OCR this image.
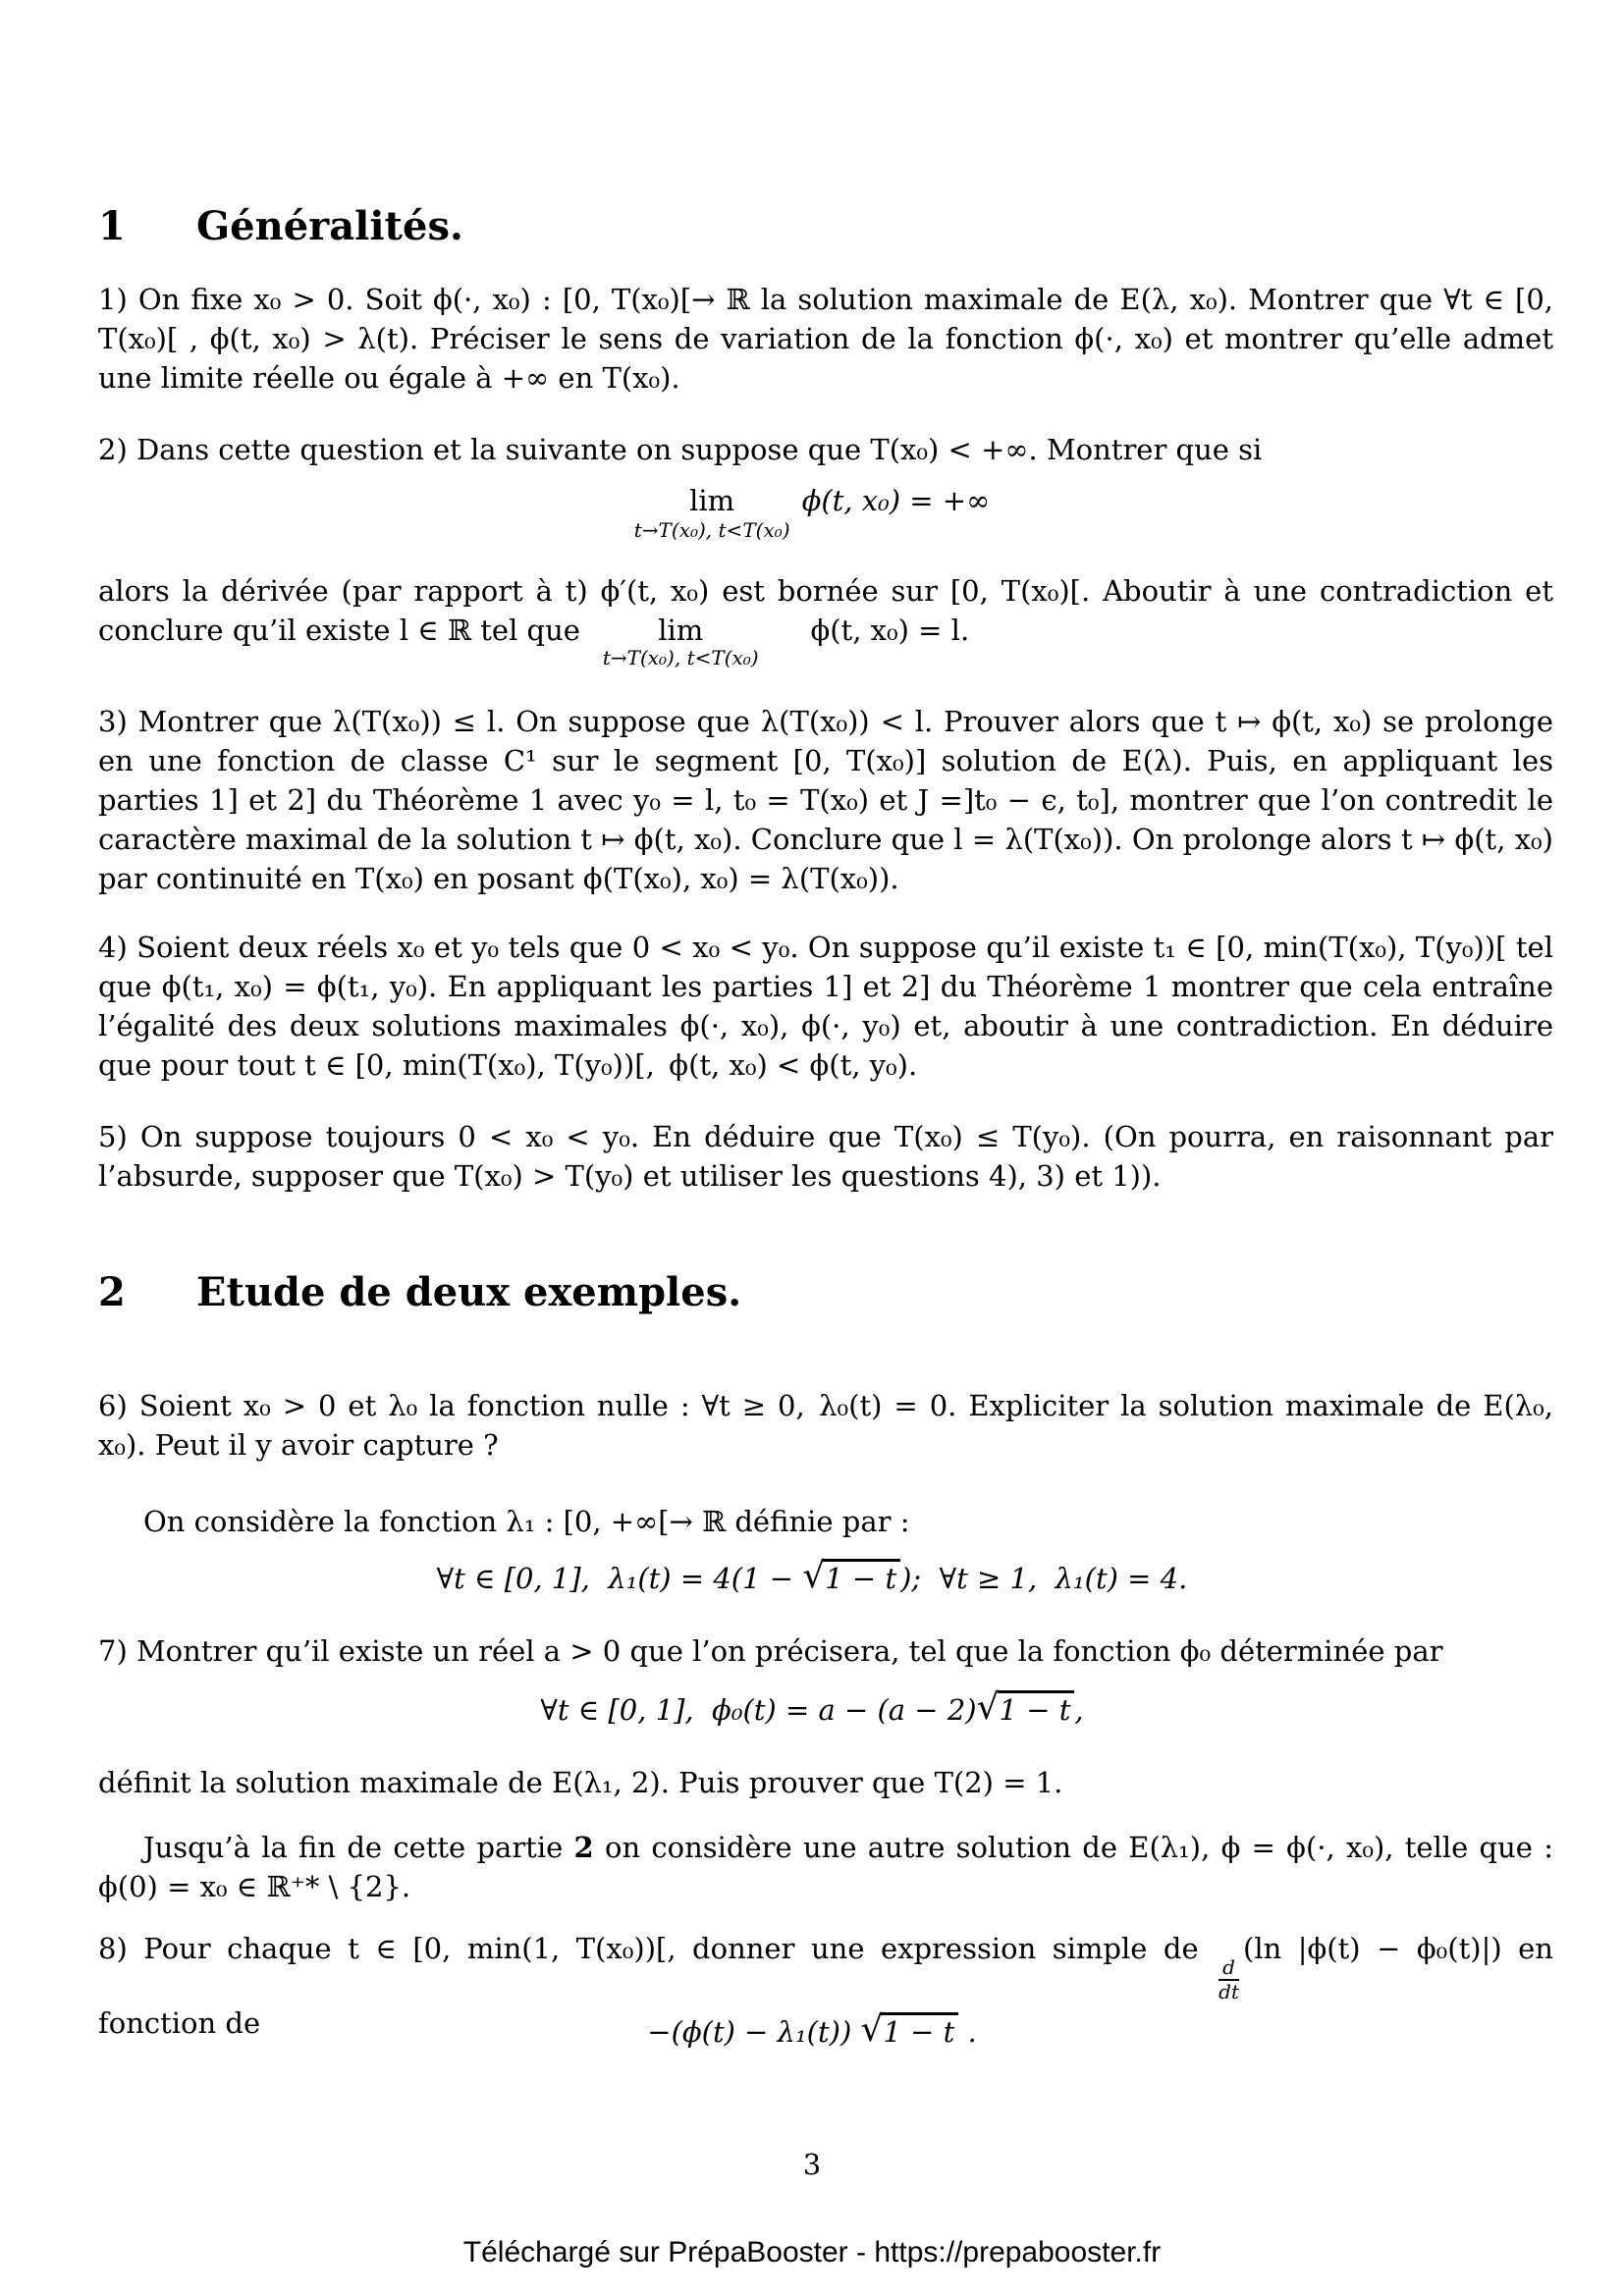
1 Généralités.

1) On fixe x₀ > 0. Soit ϕ(·, x₀) : [0, T(x₀)[→ ℝ la solution maximale de E(λ, x₀). Montrer que ∀t ∈ [0, T(x₀)[ , ϕ(t, x₀) > λ(t). Préciser le sens de variation de la fonction ϕ(·, x₀) et montrer qu’elle admet une limite réelle ou égale à +∞ en T(x₀).

2) Dans cette question et la suivante on suppose que T(x₀) < +∞. Montrer que si

lim
t→T(x₀), t<T(x₀)
ϕ(t, x₀) = +∞

alors la dérivée (par rapport à t) ϕ′(t, x₀) est bornée sur [0, T(x₀)[. Aboutir à une contradiction et conclure qu’il existe l ∈ ℝ tel que	lim
t→T(x₀), t<T(x₀)
ϕ(t, x₀) = l.

3) Montrer que λ(T(x₀)) ≤ l. On suppose que λ(T(x₀)) < l. Prouver alors que t ↦ ϕ(t, x₀) se prolonge en une fonction de classe C¹ sur le segment [0, T(x₀)] solution de E(λ). Puis, en appliquant les parties 1] et 2] du Théorème 1 avec y₀ = l, t₀ = T(x₀) et J =]t₀ − ϵ, t₀], montrer que l’on contredit le caractère maximal de la solution t ↦ ϕ(t, x₀). Conclure que l = λ(T(x₀)). On prolonge alors t ↦ ϕ(t, x₀) par continuité en T(x₀) en posant ϕ(T(x₀), x₀) = λ(T(x₀)).

4) Soient deux réels x₀ et y₀ tels que 0 < x₀ < y₀. On suppose qu’il existe t₁ ∈ [0, min(T(x₀), T(y₀))[ tel que ϕ(t₁, x₀) = ϕ(t₁, y₀). En appliquant les parties 1] et 2] du Théorème 1 montrer que cela entraîne l’égalité des deux solutions maximales ϕ(·, x₀), ϕ(·, y₀) et, aboutir à une contradiction. En déduire que pour tout t ∈ [0, min(T(x₀), T(y₀))[, ϕ(t, x₀) < ϕ(t, y₀).

5) On suppose toujours 0 < x₀ < y₀. En déduire que T(x₀) ≤ T(y₀). (On pourra, en raisonnant par l’absurde, supposer que T(x₀) > T(y₀) et utiliser les questions 4), 3) et 1)).

2 Etude de deux exemples.

6) Soient x₀ > 0 et λ₀ la fonction nulle : ∀t ≥ 0, λ₀(t) = 0. Expliciter la solution maximale de E(λ₀, x₀). Peut il y avoir capture ?

On considère la fonction λ₁ : [0, +∞[→ ℝ définie par :

∀t ∈ [0, 1],  λ₁(t) = 4(1 − √ 1 − t );  ∀t ≥ 1,  λ₁(t) = 4.

7) Montrer qu’il existe un réel a > 0 que l’on précisera, tel que la fonction ϕ₀ déterminée par

∀t ∈ [0, 1],  ϕ₀(t) = a − (a − 2) √ 1 − t ,

définit la solution maximale de E(λ₁, 2). Puis prouver que T(2) = 1.

Jusqu’à la fin de cette partie 2 on considère une autre solution de E(λ₁), ϕ = ϕ(·, x₀), telle que : ϕ(0) = x₀ ∈ ℝ⁺* \ {2}.

8) Pour chaque t ∈ [0, min(1, T(x₀))[, donner une expression simple de
$\frac{d}{dt}$
(ln |ϕ(t) − ϕ₀(t)|) en fonction de	−(ϕ(t) − λ₁(t)) √ 1 − t .

3

Téléchargé sur PrépaBooster - https://prepabooster.fr
